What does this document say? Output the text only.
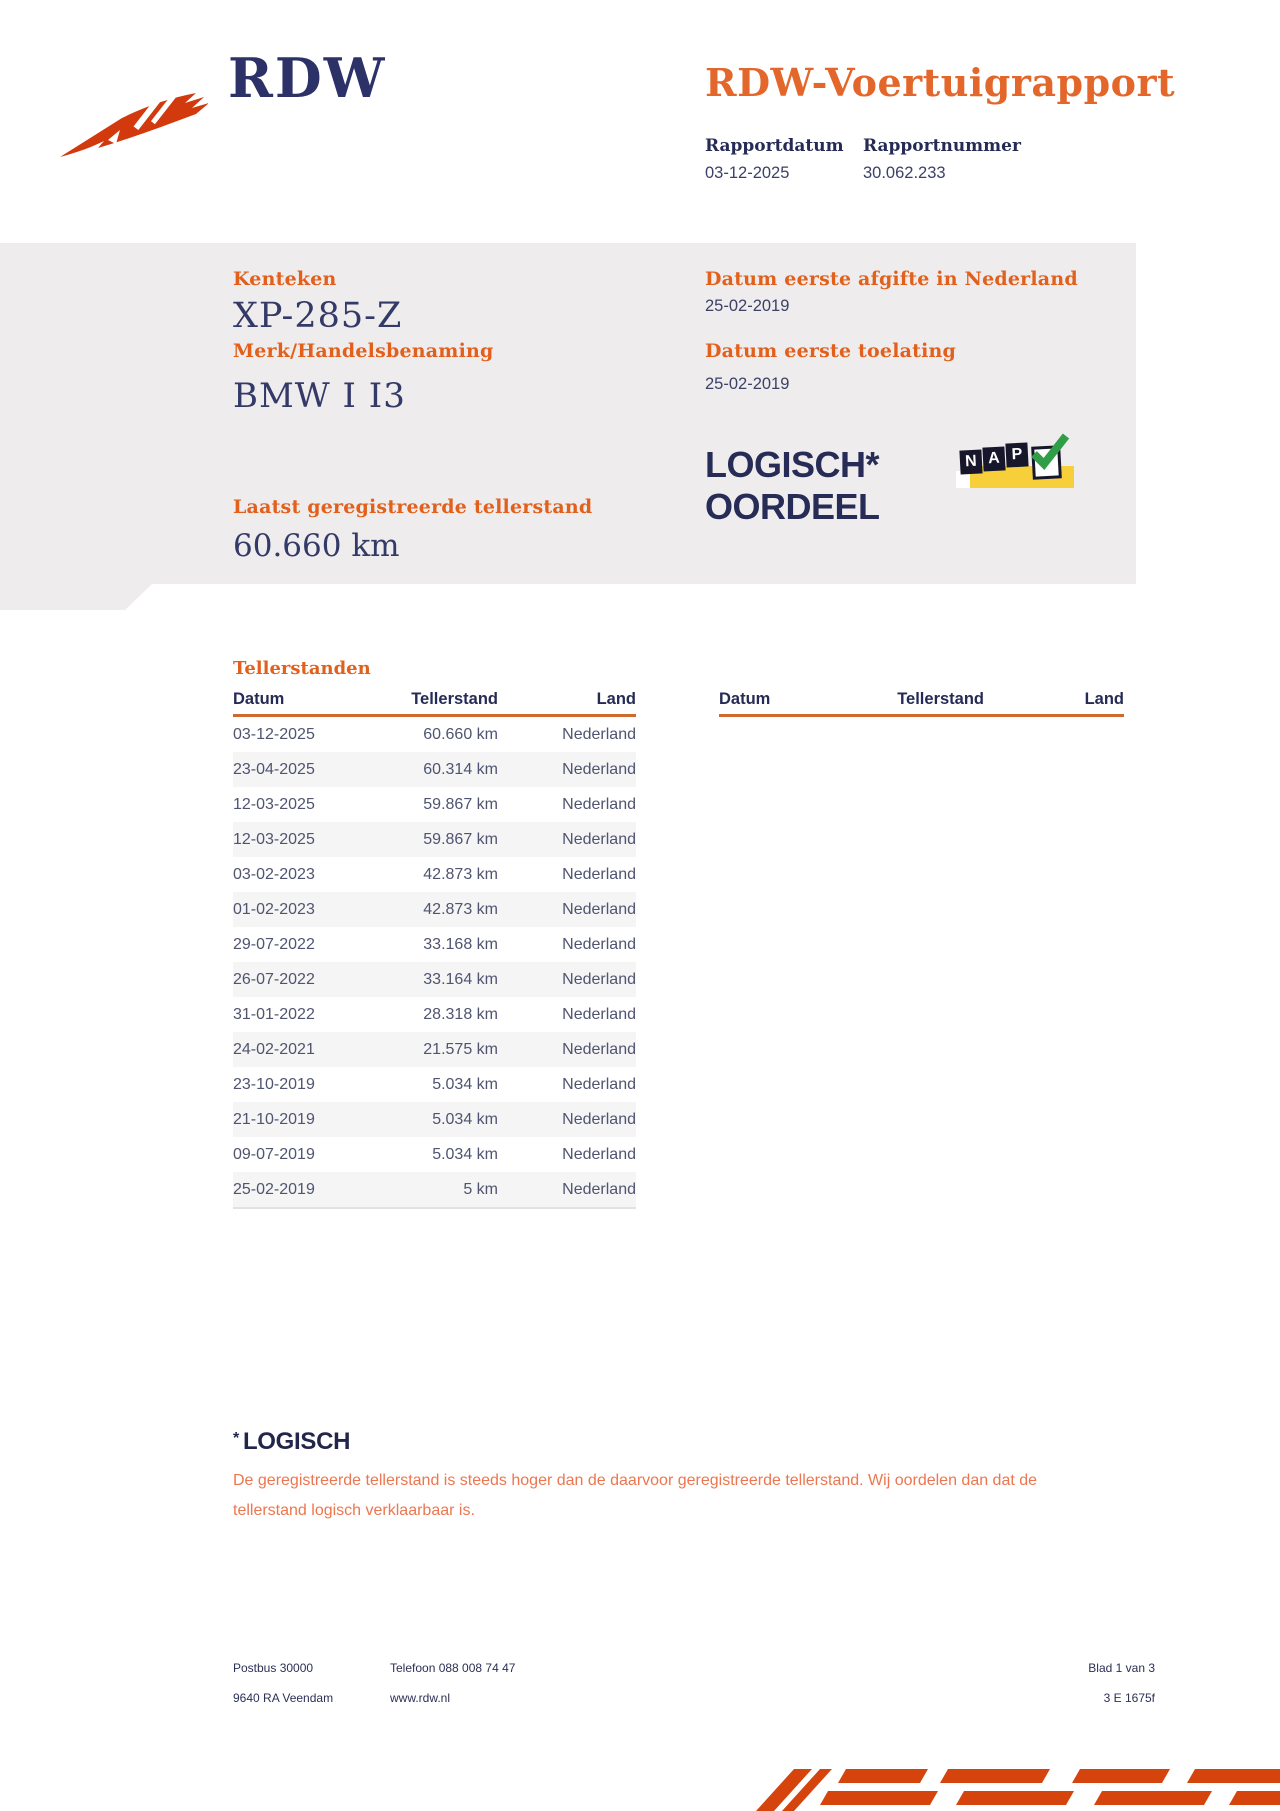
RDW	RDW-Voertuigrapport
Rapportdatum Rapportnummer
03-12-2025	30.062.233
Kenteken
XP-285-Z
Merk/Handelsbenaming
BMW I I3
Datum eerste afgifte in Nederland
25-02-2019
Datum eerste toelating
25-02-2019
Laatst geregistreerde tellerstand
60.660 km
LOGISCH*
OORDEEL
N A P
Tellerstanden
Datum	Tellerstand	Land
03-12-2025	60.660 km	Nederland
23-04-2025	60.314 km	Nederland
12-03-2025	59.867 km	Nederland
12-03-2025	59.867 km	Nederland
03-02-2023	42.873 km	Nederland
01-02-2023	42.873 km	Nederland
29-07-2022	33.168 km	Nederland
26-07-2022	33.164 km	Nederland
31-01-2022	28.318 km	Nederland
24-02-2021	21.575 km	Nederland
23-10-2019	5.034 km	Nederland
21-10-2019	5.034 km	Nederland
09-07-2019	5.034 km	Nederland
25-02-2019	5 km	Nederland
Datum	Tellerstand	Land
* LOGISCH
De geregistreerde tellerstand is steeds hoger dan de daarvoor geregistreerde tellerstand. Wij oordelen dan dat de tellerstand logisch verklaarbaar is.
Postbus 30000
9640 RA Veendam
Telefoon 088 008 74 47
www.rdw.nl
Blad 1 van 3
3 E 1675f
